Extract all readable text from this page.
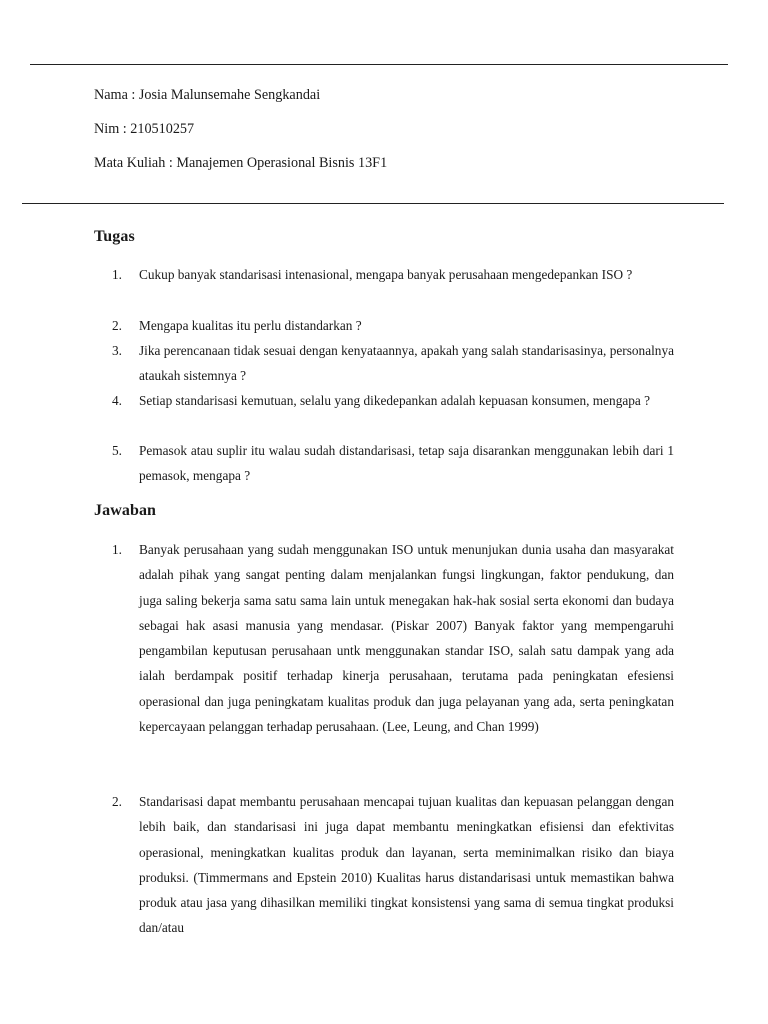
Nama : Josia Malunsemahe Sengkandai
Nim : 210510257
Mata Kuliah : Manajemen Operasional Bisnis 13F1
Tugas
1.	Cukup banyak standarisasi intenasional, mengapa banyak perusahaan mengedepankan ISO ?
2.	Mengapa kualitas itu perlu distandarkan ?
3.	Jika perencanaan tidak sesuai dengan kenyataannya, apakah yang salah standarisasinya, personalnya ataukah sistemnya ?
4.	Setiap standarisasi kemutuan, selalu yang dikedepankan adalah kepuasan konsumen, mengapa ?
5.	Pemasok atau suplir itu walau sudah distandarisasi, tetap saja disarankan menggunakan lebih dari 1 pemasok, mengapa ?
Jawaban
1.	Banyak perusahaan yang sudah menggunakan ISO untuk menunjukan dunia usaha dan masyarakat adalah pihak yang sangat penting dalam menjalankan fungsi lingkungan, faktor pendukung, dan juga saling bekerja sama satu sama lain untuk menegakan hak-hak sosial serta ekonomi dan budaya sebagai hak asasi manusia yang mendasar. (Piskar 2007) Banyak faktor yang mempengaruhi pengambilan keputusan perusahaan untk menggunakan standar ISO, salah satu dampak yang ada ialah berdampak positif terhadap kinerja perusahaan, terutama pada peningkatan efesiensi operasional dan juga peningkatam kualitas produk dan juga pelayanan yang ada, serta peningkatan kepercayaan pelanggan terhadap perusahaan. (Lee, Leung, and Chan 1999)
2.	Standarisasi dapat membantu perusahaan mencapai tujuan kualitas dan kepuasan pelanggan dengan lebih baik, dan standarisasi ini juga dapat membantu meningkatkan efisiensi dan efektivitas operasional, meningkatkan kualitas produk dan layanan, serta meminimalkan risiko dan biaya produksi. (Timmermans and Epstein 2010) Kualitas harus distandarisasi untuk memastikan bahwa produk atau jasa yang dihasilkan memiliki tingkat konsistensi yang sama di semua tingkat produksi dan/atau
